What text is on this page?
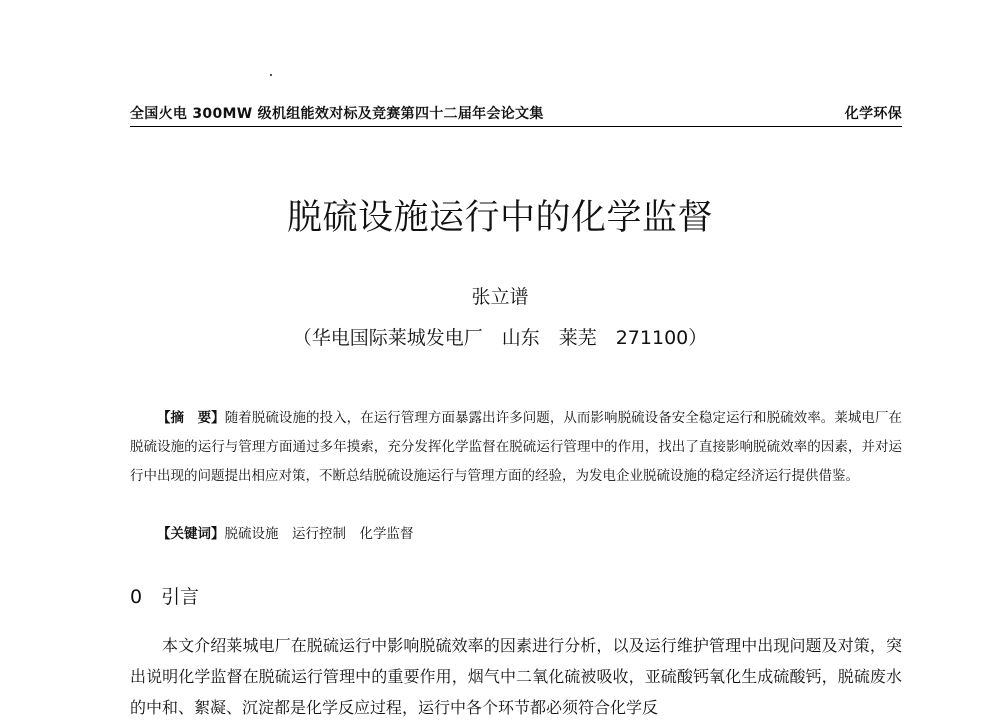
全国火电 300MW 级机组能效对标及竞赛第四十二届年会论文集	化学环保
脱硫设施运行中的化学监督
张立谱
（华电国际莱城发电厂　山东　莱芜　271100）

【摘　要】随着脱硫设施的投入，在运行管理方面暴露出许多问题，从而影响脱硫设备安全稳定运行和脱硫效率。莱城电厂在脱硫设施的运行与管理方面通过多年摸索，充分发挥化学监督在脱硫运行管理中的作用，找出了直接影响脱硫效率的因素，并对运行中出现的问题提出相应对策，不断总结脱硫设施运行与管理方面的经验，为发电企业脱硫设施的稳定经济运行提供借鉴。

【关键词】脱硫设施　运行控制　化学监督
0　引言

本文介绍莱城电厂在脱硫运行中影响脱硫效率的因素进行分析，以及运行维护管理中出现问题及对策，突出说明化学监督在脱硫运行管理中的重要作用，烟气中二氧化硫被吸收，亚硫酸钙氧化生成硫酸钙，脱硫废水的中和、絮凝、沉淀都是化学反应过程，运行中各个环节都必须符合化学反
